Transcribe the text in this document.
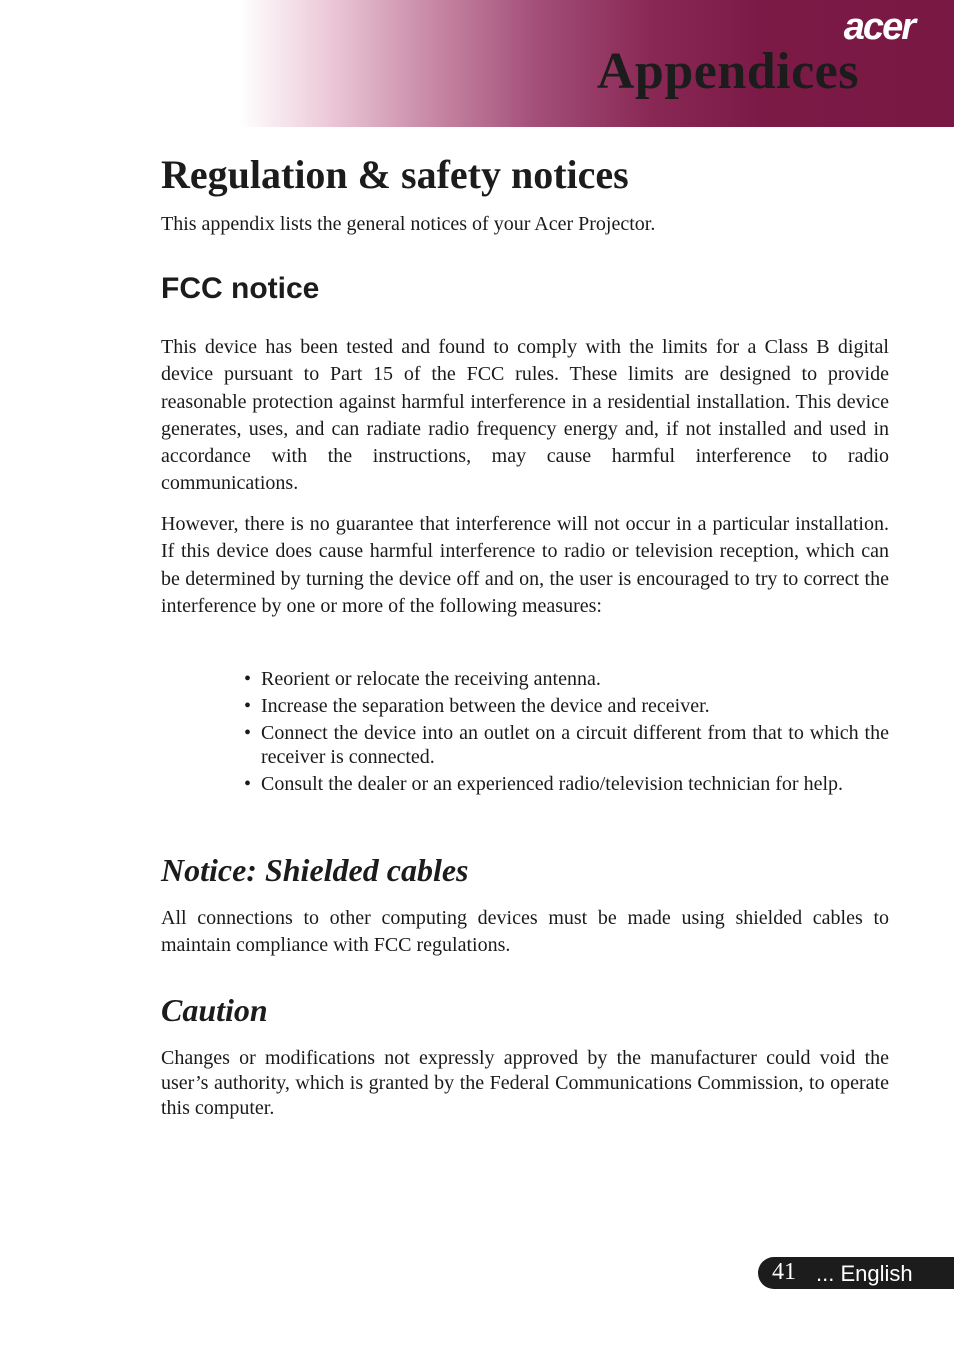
acer
Appendices
Regulation & safety notices

This appendix lists the general notices of your Acer Projector.

FCC notice

This device has been tested and found to comply with the limits for a Class B digital device pursuant to Part 15 of the FCC rules. These limits are designed to provide reasonable protection against harmful interference in a residential installation. This device generates, uses, and can radiate radio frequency energy and, if not installed and used in accordance with the instructions, may cause harmful interference to radio communications.

However, there is no guarantee that interference will not occur in a particular installation. If this device does cause harmful interference to radio or television reception, which can be determined by turning the device off and on, the user is encouraged to try to correct the interference by one or more of the following measures:

• Reorient or relocate the receiving antenna.
• Increase the separation between the device and receiver.
• Connect the device into an outlet on a circuit different from that to which the receiver is connected.
• Consult the dealer or an experienced radio/television technician for help.
Notice: Shielded cables

All connections to other computing devices must be made using shielded cables to maintain compliance with FCC regulations.

Caution

Changes or modifications not expressly approved by the manufacturer could void the user’s authority, which is granted by the Federal Communications Commission, to operate this computer.

41 ... English
